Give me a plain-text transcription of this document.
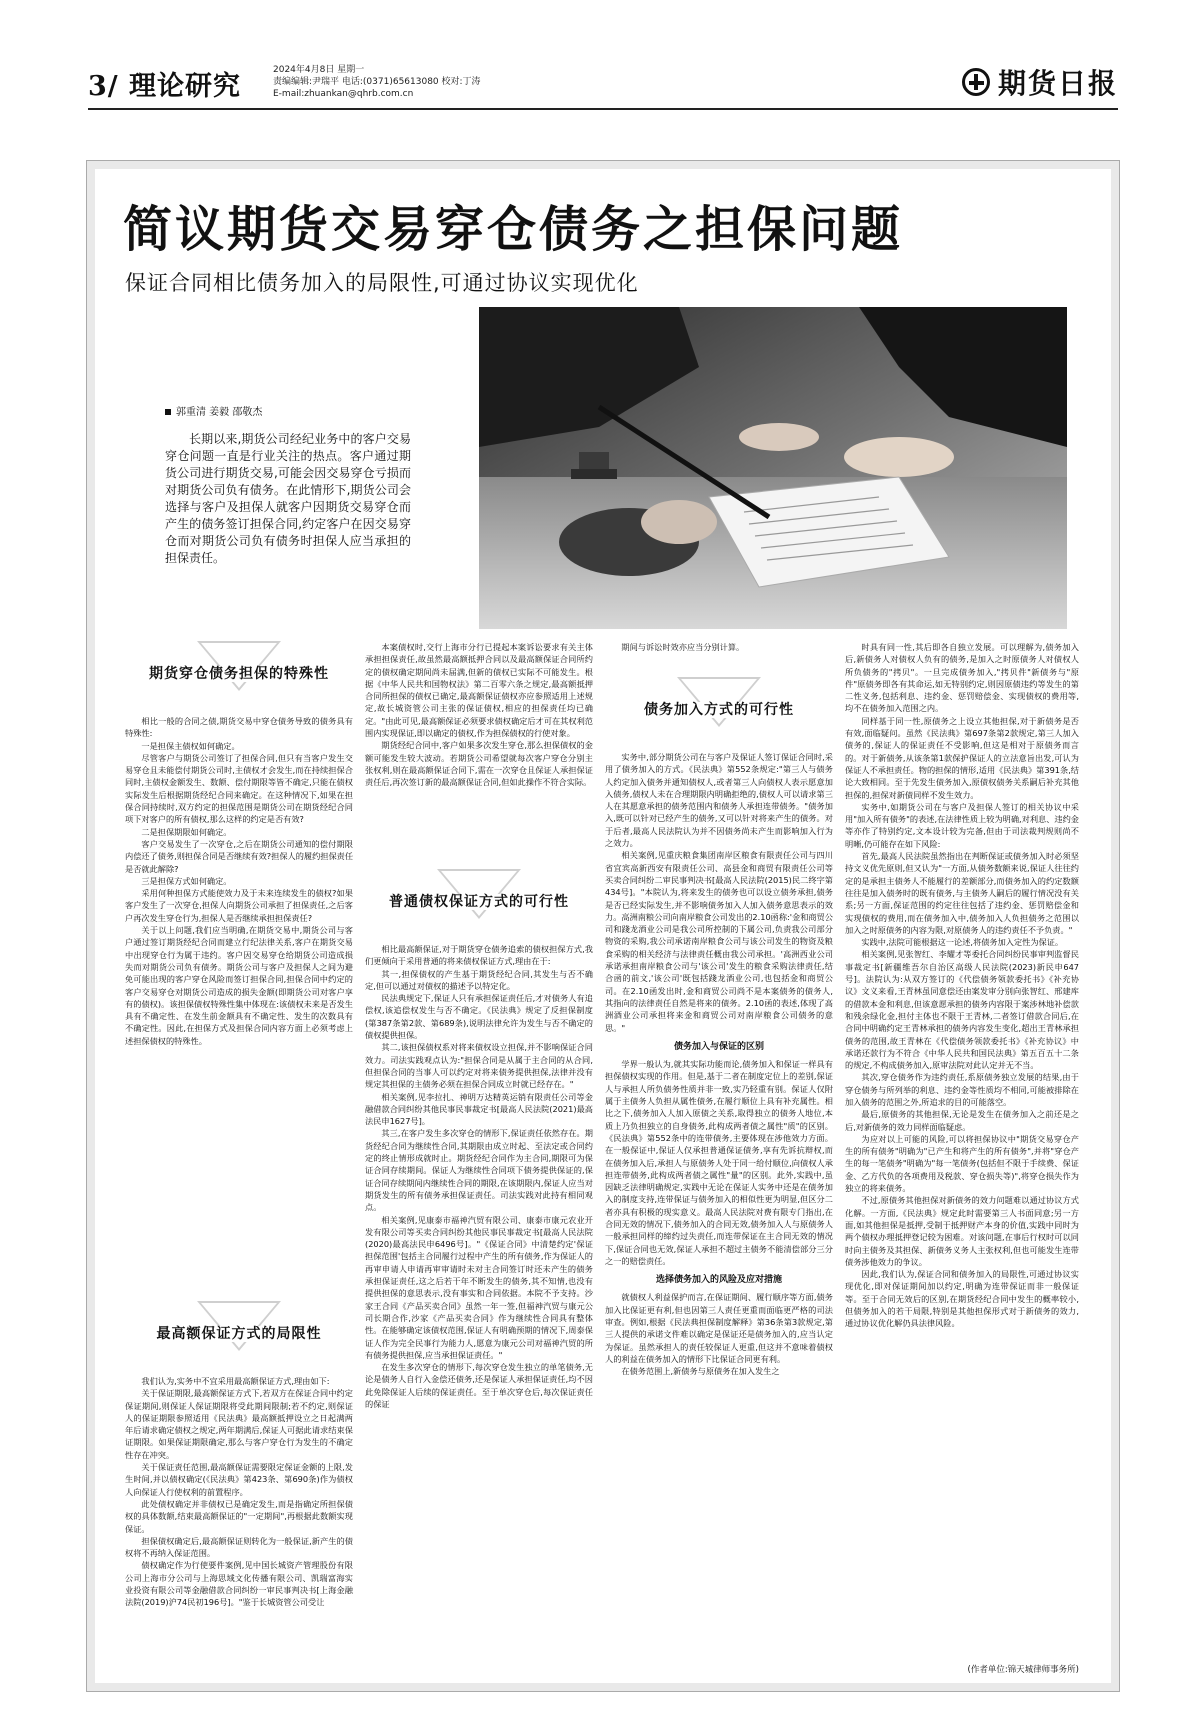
3/ 理论研究
2024年4月8日 星期一
责编编辑:尹瑞平 电话:(0371)65613080 校对:丁涛
E-mail:zhuankan@qhrb.com.cn	期货日报
简议期货交易穿仓债务之担保问题
保证合同相比债务加入的局限性,可通过协议实现优化
郭重清 姜毅 邵敬杰
长期以来,期货公司经纪业务中的客户交易穿仓问题一直是行业关注的热点。客户通过期货公司进行期货交易,可能会因交易穿仓亏损而对期货公司负有债务。在此情形下,期货公司会选择与客户及担保人就客户因期货交易穿仓而产生的债务签订担保合同,约定客户在因交易穿仓而对期货公司负有债务时担保人应当承担的担保责任。
期货穿仓债务担保的特殊性

相比一般的合同之债,期货交易中穿仓债务导致的债务具有特殊性:

一是担保主债权如何确定。

尽管客户与期货公司签订了担保合同,但只有当客户发生交易穿仓且未能偿付期货公司时,主债权才会发生,而在持续担保合同时,主债权金额发生、数额、偿付期限等皆不确定,只能在债权实际发生后根据期货经纪合同来确定。在这种情况下,如果在担保合同持续时,双方约定的担保范围是期货公司在期货经纪合同项下对客户的所有债权,那么这样的约定是否有效?

二是担保期限如何确定。

客户交易发生了一次穿仓,之后在期货公司通知的偿付期限内偿还了债务,则担保合同是否继续有效?担保人的履约担保责任是否就此解除?

三是担保方式如何确定。

采用何种担保方式能使效力及于未来连续发生的债权?如果客户发生了一次穿仓,担保人向期货公司承担了担保责任,之后客户再次发生穿仓行为,担保人是否继续承担担保责任?

关于以上问题,我们应当明确,在期货交易中,期货公司与客户通过签订期货经纪合同而建立行纪法律关系,客户在期货交易中出现穿仓行为属于违约。客户因交易穿仓给期货公司造成损失而对期货公司负有债务。期货公司与客户及担保人之间为避免可能出现的客户穿仓风险而签订担保合同,担保合同中约定的客户交易穿仓对期货公司造成的损失金额(即期货公司对客户享有的债权)。该担保债权特殊性集中体现在:该债权未来是否发生具有不确定性、在发生前金额具有不确定性、发生的次数具有不确定性。因此,在担保方式及担保合同内容方面上必须考虑上述担保债权的特殊性。

最高额保证方式的局限性

我们认为,实务中不宜采用最高额保证方式,理由如下:

关于保证期限,最高额保证方式下,若双方在保证合同中约定保证期间,则保证人保证期限将受此期间限制;若不约定,则保证人的保证期限参照适用《民法典》最高额抵押设立之日起满两年后请求确定债权之规定,两年期满后,保证人可据此请求结束保证期限。如果保证期限确定,那么与客户穿仓行为发生的不确定性存在冲突。

关于保证责任范围,最高额保证需要限定保证金额的上限,发生时间,并以债权确定(《民法典》第423条、第690条)作为债权人向保证人行使权利的前置程序。

此处债权确定并非债权已是确定发生,而是指确定所担保债权的具体数额,结束最高额保证的"一定期间",再根据此数额实现保证。

担保债权确定后,最高额保证则转化为一般保证,新产生的债权将不再纳入保证范围。

债权确定作为行使要件案例,见中国长城资产管理股份有限公司上海市分公司与上海思域文化传播有限公司、凯瑞富海实业投资有限公司等金融借款合同纠纷一审民事判决书[上海金融法院(2019)沪74民初196号]。"鉴于长城资管公司受让

本案债权时,交行上海市分行已提起本案诉讼要求有关主体承担担保责任,故虽然最高额抵押合同以及最高额保证合同所约定的债权确定期间尚未届满,但新的债权已实际不可能发生。根据《中华人民共和国物权法》第二百零六条之规定,最高额抵押合同所担保的债权已确定,最高额保证债权亦应参照适用上述规定,故长城资管公司主张的保证债权,相应的担保责任均已确定。"由此可见,最高额保证必须要求债权确定后才可在其权利范围内实现保证,即以确定的债权,作为担保债权的行使对象。

期货经纪合同中,客户如果多次发生穿仓,那么担保债权的金额可能发生较大波动。若期货公司希望就每次客户穿仓分别主张权利,则在最高额保证合同下,需在一次穿仓且保证人承担保证责任后,再次签订新的最高额保证合同,但如此操作不符合实际。

普通债权保证方式的可行性

相比最高额保证,对于期货穿仓债务追索的债权担保方式,我们更倾向于采用普通的将来债权保证方式,理由在于:

其一,担保债权的产生基于期货经纪合同,其发生与否不确定,但可以通过对债权的描述予以特定化。

民法典规定下,保证人只有承担保证责任后,才对债务人有追偿权,该追偿权发生与否不确定。《民法典》规定了反担保制度(第387条第2款、第689条),说明法律允许为发生与否不确定的债权提供担保。

其二,该担保债权系对将来债权设立担保,并不影响保证合同效力。司法实践观点认为:"担保合同是从属于主合同的从合同,但担保合同的当事人可以约定对将来债务提供担保,法律并没有规定其担保的主债务必须在担保合同成立时就已经存在。"

相关案例,见李拉扎、神明万达精英运销有限责任公司等金融借款合同纠纷其他民事民事裁定书[最高人民法院(2021)最高法民申1627号]。

其三,在客户发生多次穿仓的情形下,保证责任依然存在。期货经纪合同为继续性合同,其期限由成立时起、至法定或合同约定的终止情形成就时止。期货经纪合同作为主合同,期限可为保证合同存续期间。保证人为继续性合同项下债务提供保证的,保证合同存续期间内继续性合同的期限,在该期限内,保证人应当对期货发生的所有债务承担保证责任。司法实践对此持有相同观点。

相关案例,见康泰市福神汽贸有限公司、康泰市康元农业开发有限公司等买卖合同纠纷其他民事民事裁定书[最高人民法院(2020)最高法民申6496号]。"《保证合同》中清楚约定'保证担保范围'包括主合同履行过程中产生的所有债务,作为保证人的再审申请人申请再审审请时未对主合同签订时还未产生的债务承担保证责任,这之后若干年不断发生的债务,其不知情,也没有提供担保的意思表示,没有事实和合同依据。本院不予支持。沙家王合同《产品买卖合同》虽然一年一签,但福神汽贸与康元公司长期合作,沙家《产品买卖合同》作为继续性合同具有整体性。在能够确定该债权范围,保证人有明确预期的情况下,周泰保证人作为完全民事行为能力人,愿意为康元公司对福神汽贸的所有债务提供担保,应当承担保证责任。"

在发生多次穿仓的情形下,每次穿仓发生独立的单笔债务,无论是债务人自行入金偿还债务,还是保证人承担保证责任,均不因此免除保证人后续的保证责任。至于单次穿仓后,每次保证责任的保证

期间与诉讼时效亦应当分别计算。

债务加入方式的可行性

实务中,部分期货公司在与客户及保证人签订保证合同时,采用了债务加入的方式。《民法典》第552条规定:"第三人与债务人约定加入债务并通知债权人,或者第三人向债权人表示愿意加入债务,债权人未在合理期限内明确拒绝的,债权人可以请求第三人在其愿意承担的债务范围内和债务人承担连带债务。"债务加入,既可以针对已经产生的债务,又可以针对将来产生的债务。对于后者,最高人民法院认为并不因债务尚未产生而影响加入行为之效力。

相关案例,见重庆粮食集团南岸区粮食有限责任公司与四川省宜宾高新西安有限责任公司、高县金和商贸有限责任公司等买卖合同纠纷二审民事判决书[最高人民法院(2015)民二终字第434号]。"本院认为,将来发生的债务也可以设立债务承担,债务是否已经实际发生,并不影响债务加入人加入债务意思表示的效力。高洲南粮公司向南岸粮食公司发出的2.10函称:'金和商贸公司和踐龙酒业公司是我公司所控制的下属公司,负责我公司部分物资的采购,我公司承诺南岸粮食公司与该公司发生的物资及粮食采购的相关经济与法律责任概由我公司承担。'高洲西业公司承诺承担南岸粮食公司与'该公司'发生的粮食采购法律责任,结合函的前文,'该公司'既包括踐龙酒业公司,也包括金和商贸公司。在2.10函发出时,金和商贸公司尚不是本案债务的债务人,其指向的法律责任自然是将来的债务。2.10函的表述,体现了高洲酒业公司承担将来金和商贸公司对南岸粮食公司债务的意思。"

债务加入与保证的区别

学界一般认为,就其实际功能而论,债务加入和保证一样具有担保债权实现的作用。但是,基于二者在制度定位上的差别,保证人与承担人所负债务性质并非一致,实乃轻重有别。保证人仅附属于主债务人负担从属性债务,在履行顺位上具有补充属性。相比之下,债务加入人加入原债之关系,取得独立的债务人地位,本质上乃负担独立的自身债务,此构成两者债之属性"质"的区别。《民法典》第552条中的连带债务,主要体现在涉他效力方面。在一般保证中,保证人仅承担普通保证债务,享有先诉抗辩权,而在债务加入后,承担人与原债务人处于同一给付顺位,向债权人承担连带债务,此构成两者债之属性"量"的区别。此外,实践中,虽因缺乏法律明确规定,实践中无论在保证人实务中还是在债务加入的制度支持,连带保证与债务加入的相似性更为明显,但区分二者亦具有积极的现实意义。最高人民法院对费有限专门指出,在合同无效的情况下,债务加入的合同无效,债务加入人与原债务人一般承担同样的缔约过失责任,而连带保证在主合同无效的情况下,保证合同也无效,保证人承担不超过主债务不能清偿部分三分之一的赔偿责任。

选择债务加入的风险及应对措施

就债权人利益保护而言,在保证期间、履行顺序等方面,债务加入比保证更有利,但也因第三人责任更重而面临更严格的司法审查。例如,根据《民法典担保制度解释》第36条第3款规定,第三人提供的承诺文件难以确定是保证还是债务加入的,应当认定为保证。虽然承担人的责任较保证人更重,但这并不意味着债权人的利益在债务加入的情形下比保证合同更有利。

在债务范围上,新债务与原债务在加入发生之

时具有同一性,其后即各自独立发展。可以理解为,债务加入后,新债务人对债权人负有的债务,是加入之时原债务人对债权人所负债务的"拷贝"。一旦完成债务加入,"拷贝件"新债务与"原件"原债务即各有其命运,如无特别约定,则因原债违约等发生的第二性义务,包括利息、违约金、惩罚赔偿金、实现债权的费用等,均不在债务加入范围之内。

同样基于同一性,原债务之上设立其他担保,对于新债务是否有效,面临疑问。虽然《民法典》第697条第2款规定,第三人加入债务的,保证人的保证责任不受影响,但这是相对于原债务而言的。对于新债务,从该条第1款保护保证人的立法意旨出发,可认为保证人不承担责任。物的担保的情形,适用《民法典》第391条,结论大致相同。至于先发生债务加入,原债权债务关系嗣后补充其他担保的,担保对新债同样不发生效力。

实务中,如期货公司在与客户及担保人签订的相关协议中采用"加入所有债务"的表述,在法律性质上较为明确,对利息、违约金等亦作了特别约定,文本设计较为完备,但由于司法裁判规则尚不明晰,仍可能存在如下风险:

首先,最高人民法院虽然指出在判断保证或债务加入时必须坚持文义优先原则,但又认为"一方面,从债务数额来说,保证人往往约定的是承担主债务人不能履行的差额部分,而债务加入的约定数额往往是加入债务时的既有债务,与主债务人嗣后的履行情况没有关系;另一方面,保证范围的约定往往包括了违约金、惩罚赔偿金和实现债权的费用,而在债务加入中,债务加入人负担债务之范围以加入之时原债务的内容为限,对原债务人的违约责任不予负责。"

实践中,法院可能根据这一论述,将债务加入定性为保证。

相关案例,见张智红、李耀才等委托合同纠纷民事审判监督民事裁定书[新疆维吾尔自治区高级人民法院(2023)新民申647号]。法院认为:从双方签订的《代偿债务领款委托书》《补充协议》文义来看,王青林虽同意偿还由案发审分别向张智红、邢建库的借款本金和利息,但该意愿承担的债务内容限于案涉林地补偿款和残余绿化金,担付主体也不限于王青林,二者签订借款合同后,在合同中明确约定王青林承担的债务内容发生变化,超出王青林承担债务的范围,故王青林在《代偿债务领款委托书》《补充协议》中承诺还款行为不符合《中华人民共和国民法典》第五百五十二条的规定,不构成债务加入,原审法院对此认定并无不当。

其次,穿仓债务作为违约责任,系原债务独立发展的结果,由于穿仓债务与所列举的利息、违约金等性质均不相同,可能被排除在加入债务的范围之外,所追求的目的可能落空。

最后,原债务的其他担保,无论是发生在债务加入之前还是之后,对新债务的效力同样面临疑虑。

为应对以上可能的风险,可以将担保协议中"期货交易穿仓产生的所有债务"明确为"已产生和将产生的所有债务",并将"穿仓产生的每一笔债务"明确为"每一笔债务(包括但不限于手续费、保证金、乙方代负的各项费用及税款、穿仓损失等)",将穿仓损失作为独立的将来债务。

不过,原债务其他担保对新债务的效力问题难以通过协议方式化解。一方面,《民法典》规定此时需要第三人书面同意;另一方面,如其他担保是抵押,受制于抵押财产本身的价值,实践中同时为两个债权办理抵押登记较为困难。对该问题,在事后行权时可以同时向主债务及其担保、新债务义务人主张权利,但也可能发生连带债务涉他效力的争议。

因此,我们认为,保证合同和债务加入的局限性,可通过协议实现优化,即对保证期间加以约定,明确为连带保证而非一般保证等。至于合同无效后的区别,在期货经纪合同中发生的概率较小,但债务加入的若干局限,特别是其他担保形式对于新债务的效力,通过协议优化解仍具法律风险。

(作者单位:锦天城律师事务所)
